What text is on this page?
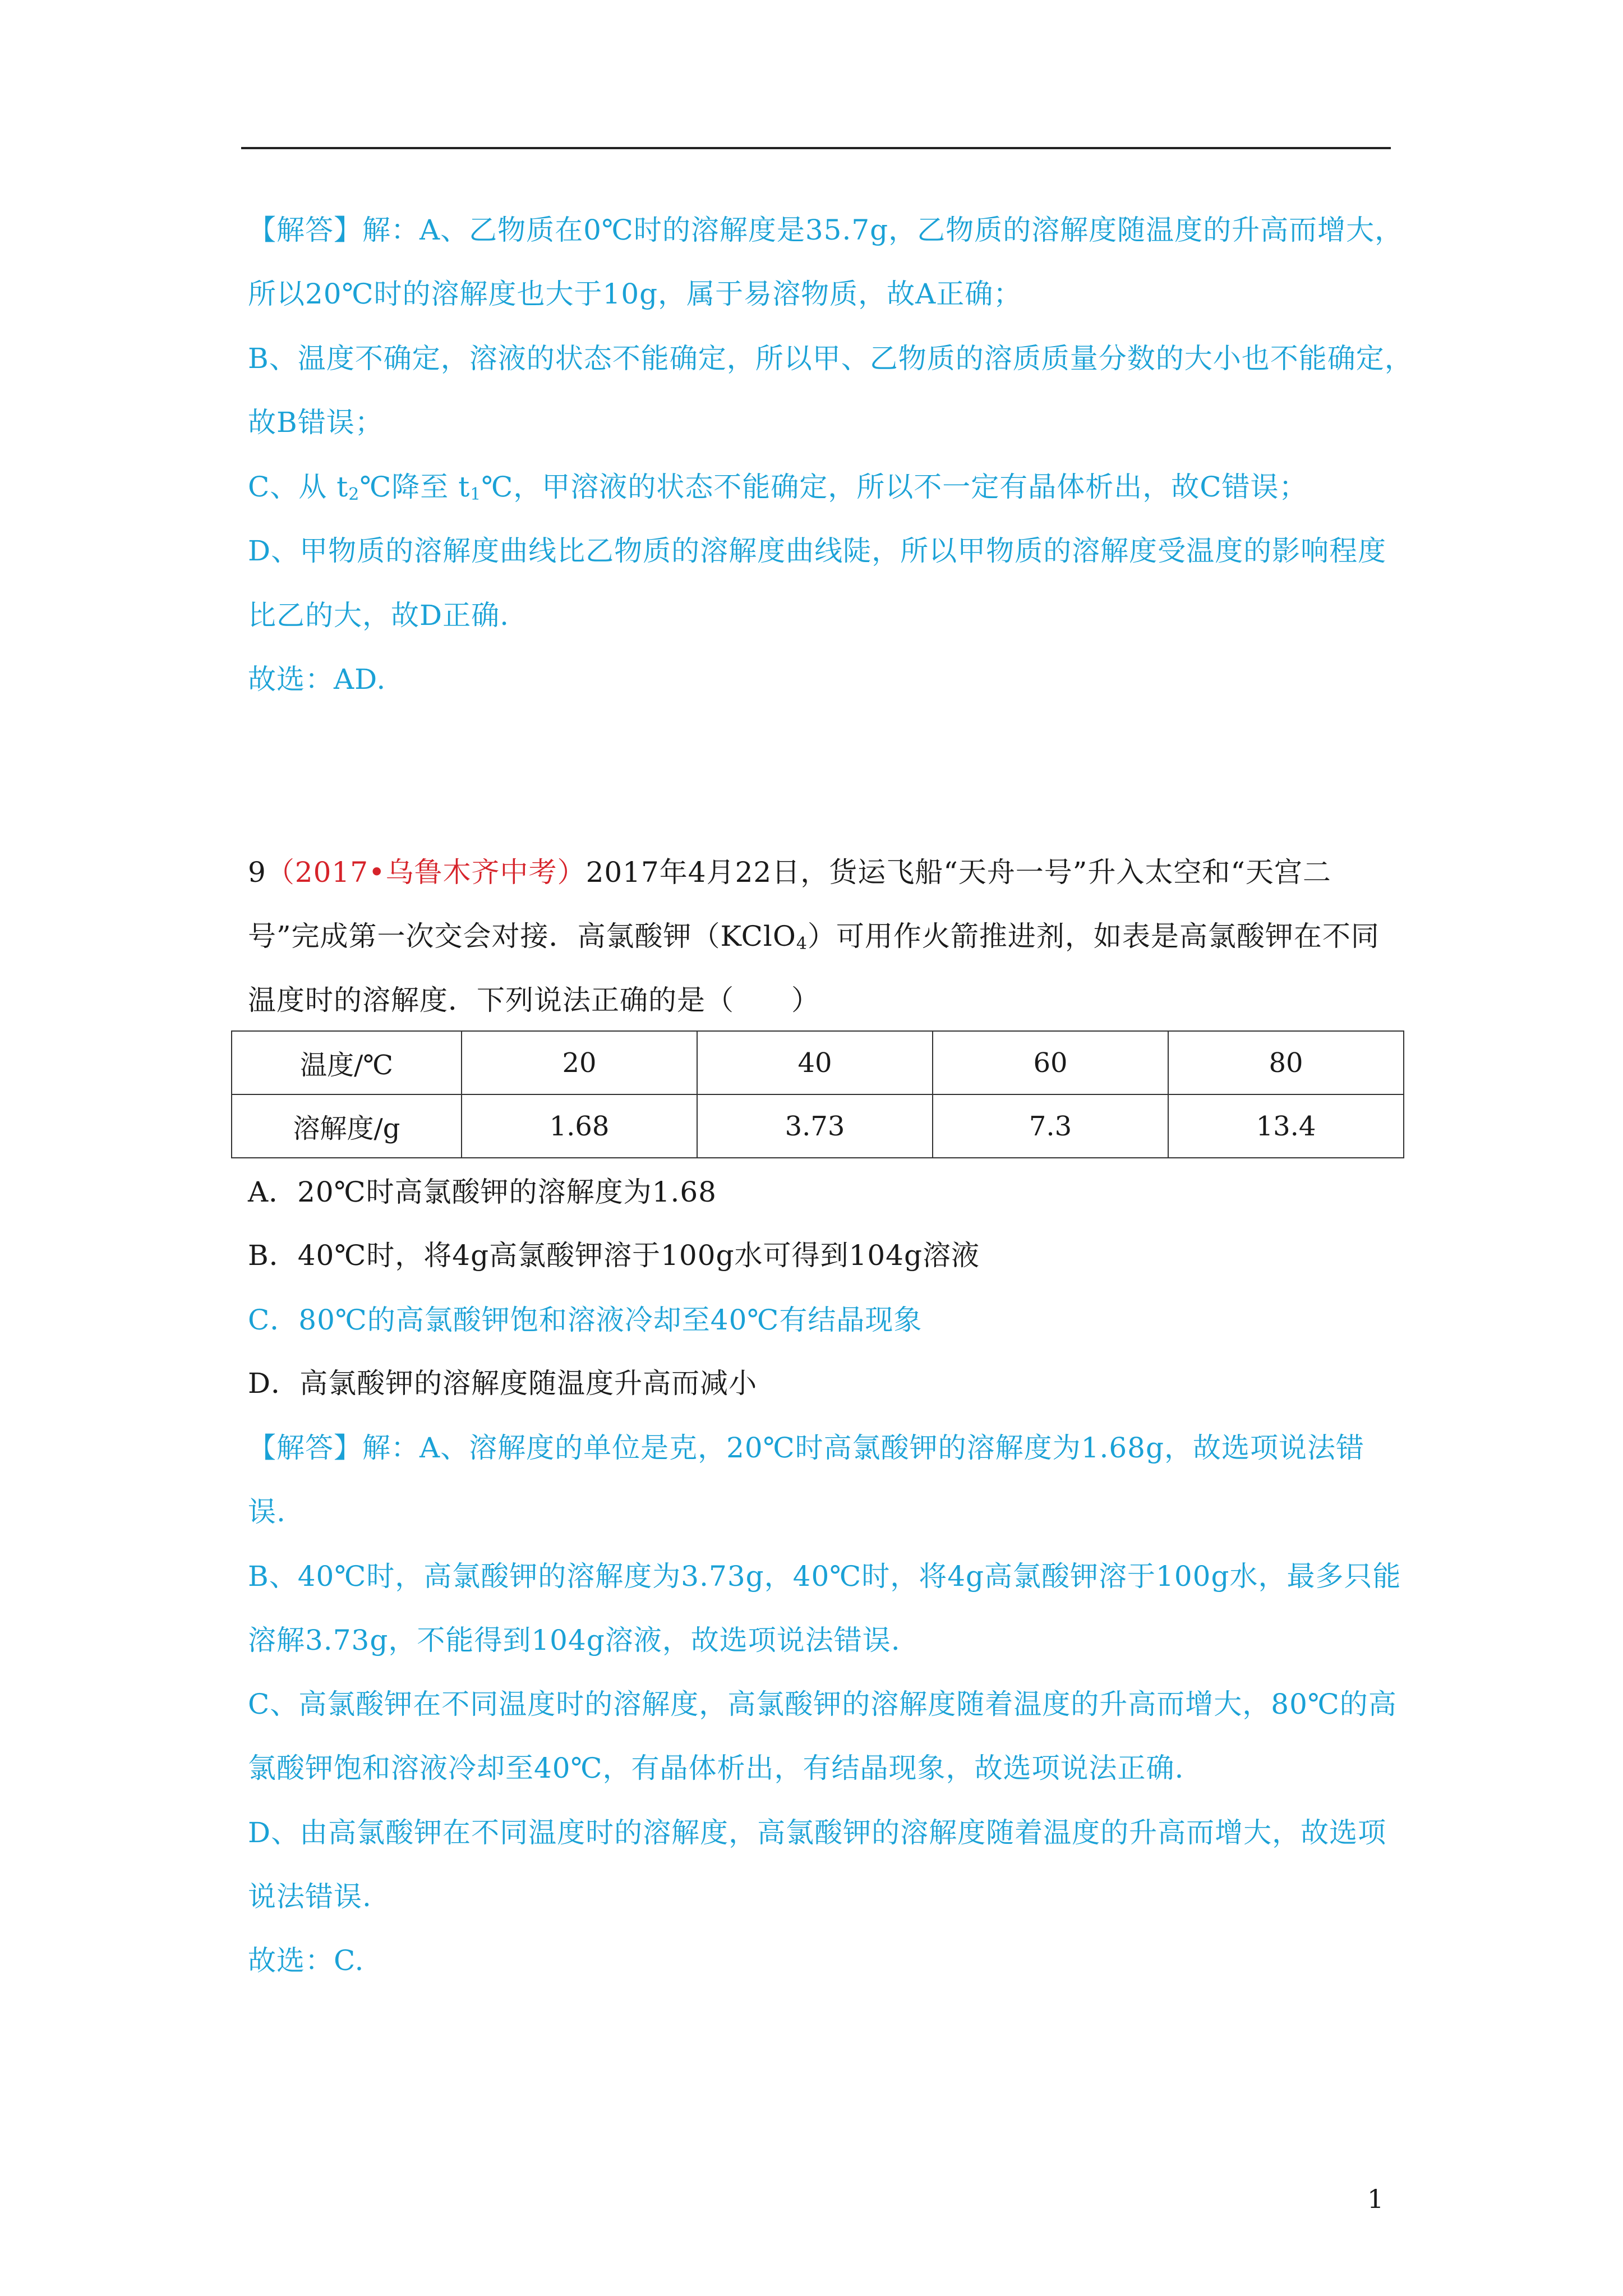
【解答】解：A、乙物质在0℃时的溶解度是35.7g，乙物质的溶解度随温度的升高而增大，
所以20℃时的溶解度也大于10g，属于易溶物质，故A正确；
B、温度不确定，溶液的状态不能确定，所以甲、乙物质的溶质质量分数的大小也不能确定，
故B错误；
C、从 $t_2℃$降至 $t_1℃$，甲溶液的状态不能确定，所以不一定有晶体析出，故C错误；
D、甲物质的溶解度曲线比乙物质的溶解度曲线陡，所以甲物质的溶解度受温度的影响程度
比乙的大，故D正确.
故选：AD.
9（2017•乌鲁木齐中考）2017年4月22日，货运飞船“天舟一号”升入太空和“天宫二
号”完成第一次交会对接．高氯酸钾（KClO$_4$）可用作火箭推进剂，如表是高氯酸钾在不同
温度时的溶解度．下列说法正确的是（　　）
温度/℃	20	40	60	80
溶解度/g	1.68	3.73	7.3	13.4
A．20℃时高氯酸钾的溶解度为1.68
B．40℃时，将4g高氯酸钾溶于100g水可得到104g溶液
C．80℃的高氯酸钾饱和溶液冷却至40℃有结晶现象
D．高氯酸钾的溶解度随温度升高而减小
【解答】解：A、溶解度的单位是克，20℃时高氯酸钾的溶解度为1.68g，故选项说法错
误.
B、40℃时，高氯酸钾的溶解度为3.73g，40℃时，将4g高氯酸钾溶于100g水，最多只能
溶解3.73g，不能得到104g溶液，故选项说法错误.
C、高氯酸钾在不同温度时的溶解度，高氯酸钾的溶解度随着温度的升高而增大，80℃的高
氯酸钾饱和溶液冷却至40℃，有晶体析出，有结晶现象，故选项说法正确.
D、由高氯酸钾在不同温度时的溶解度，高氯酸钾的溶解度随着温度的升高而增大，故选项
说法错误.
故选：C.
1
